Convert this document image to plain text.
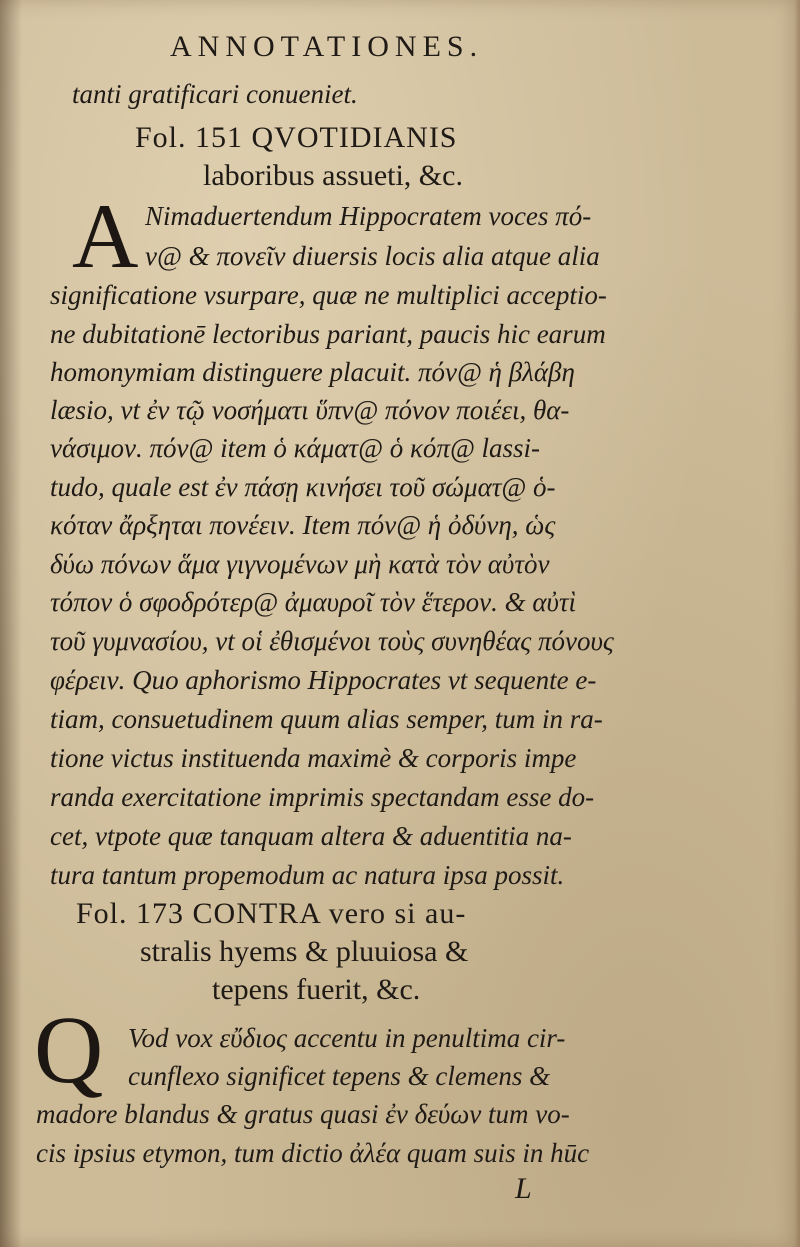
ANNOTATIONES.
tanti gratificari conueniet.
Fol. 151 QVOTIDIANIS
laboribus assueti, &c.
A Nimaduertendum Hippocratem voces πό-
ν@ & πονεῖν diuersis locis alia atque alia
significatione vsurpare, quæ ne multiplici acceptio-
ne dubitationē lectoribus pariant, paucis hic earum
homonymiam distinguere placuit. πόν@ ἡ βλάβη
læsio, vt ἐν τῷ νοσήματι ὕπν@ πόνον ποιέει, θα-
νάσιμον. πόν@ item ὁ κάματ@ ὁ κόπ@ lassi-
tudo, quale est ἐν πάσῃ κινήσει τοῦ σώματ@ ὁ-
κόταν ἄρξηται πονέειν. Item πόν@ ἡ ὀδύνη, ὡς
δύω πόνων ἅμα γιγνομένων μὴ κατὰ τὸν αὐτὸν
τόπον ὁ σφοδρότερ@ ἀμαυροῖ τὸν ἕτερον. & αὐτὶ
τοῦ γυμνασίου, vt οἱ ἐθισμένοι τοὺς συνηθέας πόνους
φέρειν. Quo aphorismo Hippocrates vt sequente e-
tiam, consuetudinem quum alias semper, tum in ra-
tione victus instituenda maximè & corporis impe
randa exercitatione imprimis spectandam esse do-
cet, vtpote quæ tanquam altera & aduentitia na-
tura tantum propemodum ac natura ipsa possit.
Fol. 173 CONTRA vero si au-
stralis hyems & pluuiosa &
tepens fuerit, &c.
Q Vod vox εὔδιος accentu in penultima cir-
cunflexo significet tepens & clemens &
madore blandus & gratus quasi ἐν δεύων tum vo-
cis ipsius etymon, tum dictio ἀλέα quam suis in hūc
L
